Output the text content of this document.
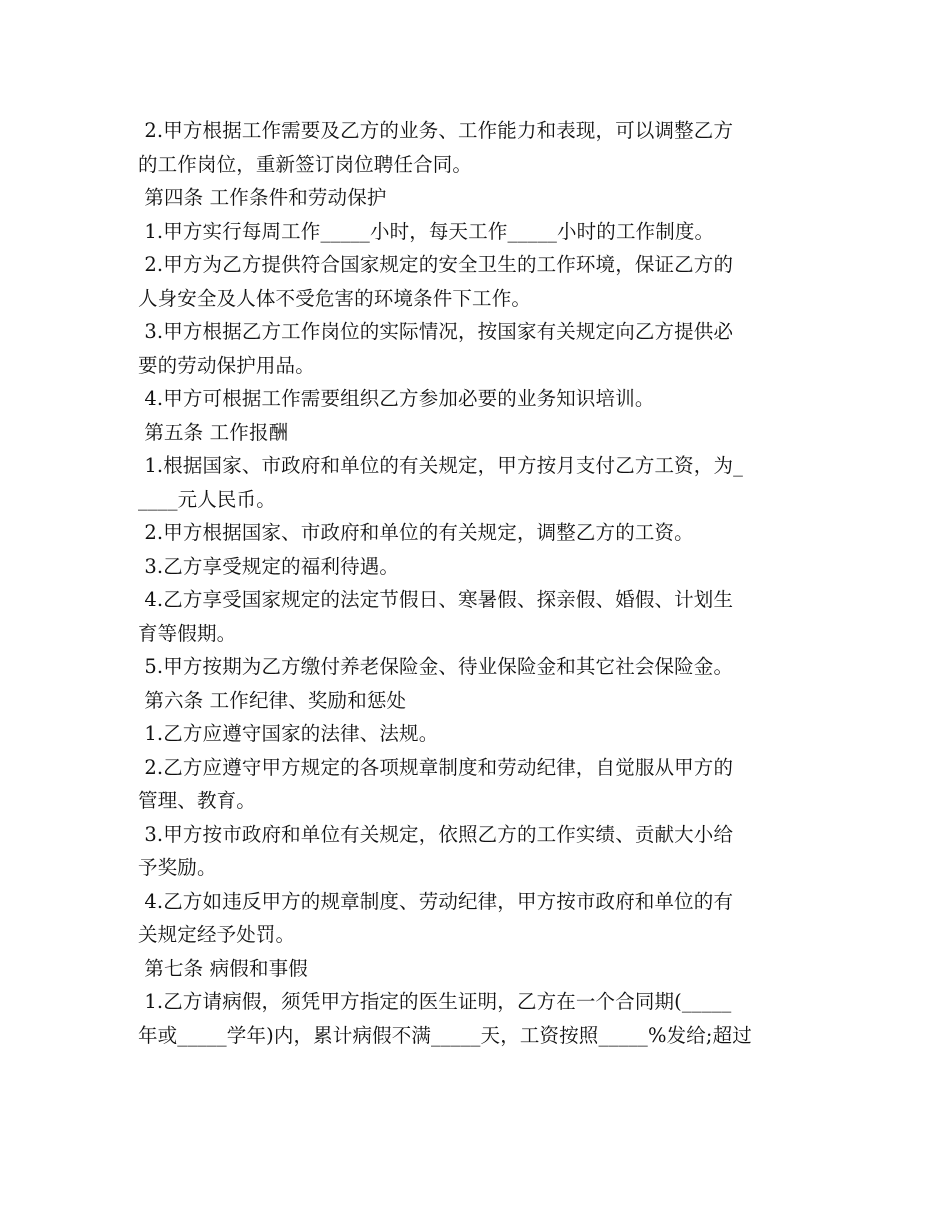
2.甲方根据工作需要及乙方的业务、工作能力和表现，可以调整乙方
的工作岗位，重新签订岗位聘任合同。
第四条 工作条件和劳动保护
1.甲方实行每周工作_____小时，每天工作_____小时的工作制度。
2.甲方为乙方提供符合国家规定的安全卫生的工作环境，保证乙方的
人身安全及人体不受危害的环境条件下工作。
3.甲方根据乙方工作岗位的实际情况，按国家有关规定向乙方提供必
要的劳动保护用品。
4.甲方可根据工作需要组织乙方参加必要的业务知识培训。
第五条 工作报酬
1.根据国家、市政府和单位的有关规定，甲方按月支付乙方工资，为_
____元人民币。
2.甲方根据国家、市政府和单位的有关规定，调整乙方的工资。
3.乙方享受规定的福利待遇。
4.乙方享受国家规定的法定节假日、寒暑假、探亲假、婚假、计划生
育等假期。
5.甲方按期为乙方缴付养老保险金、待业保险金和其它社会保险金。
第六条 工作纪律、奖励和惩处
1.乙方应遵守国家的法律、法规。
2.乙方应遵守甲方规定的各项规章制度和劳动纪律，自觉服从甲方的
管理、教育。
3.甲方按市政府和单位有关规定，依照乙方的工作实绩、贡献大小给
予奖励。
4.乙方如违反甲方的规章制度、劳动纪律，甲方按市政府和单位的有
关规定经予处罚。
第七条 病假和事假
1.乙方请病假，须凭甲方指定的医生证明，乙方在一个合同期(_____
年或_____学年)内，累计病假不满_____天，工资按照_____%发给;超过
